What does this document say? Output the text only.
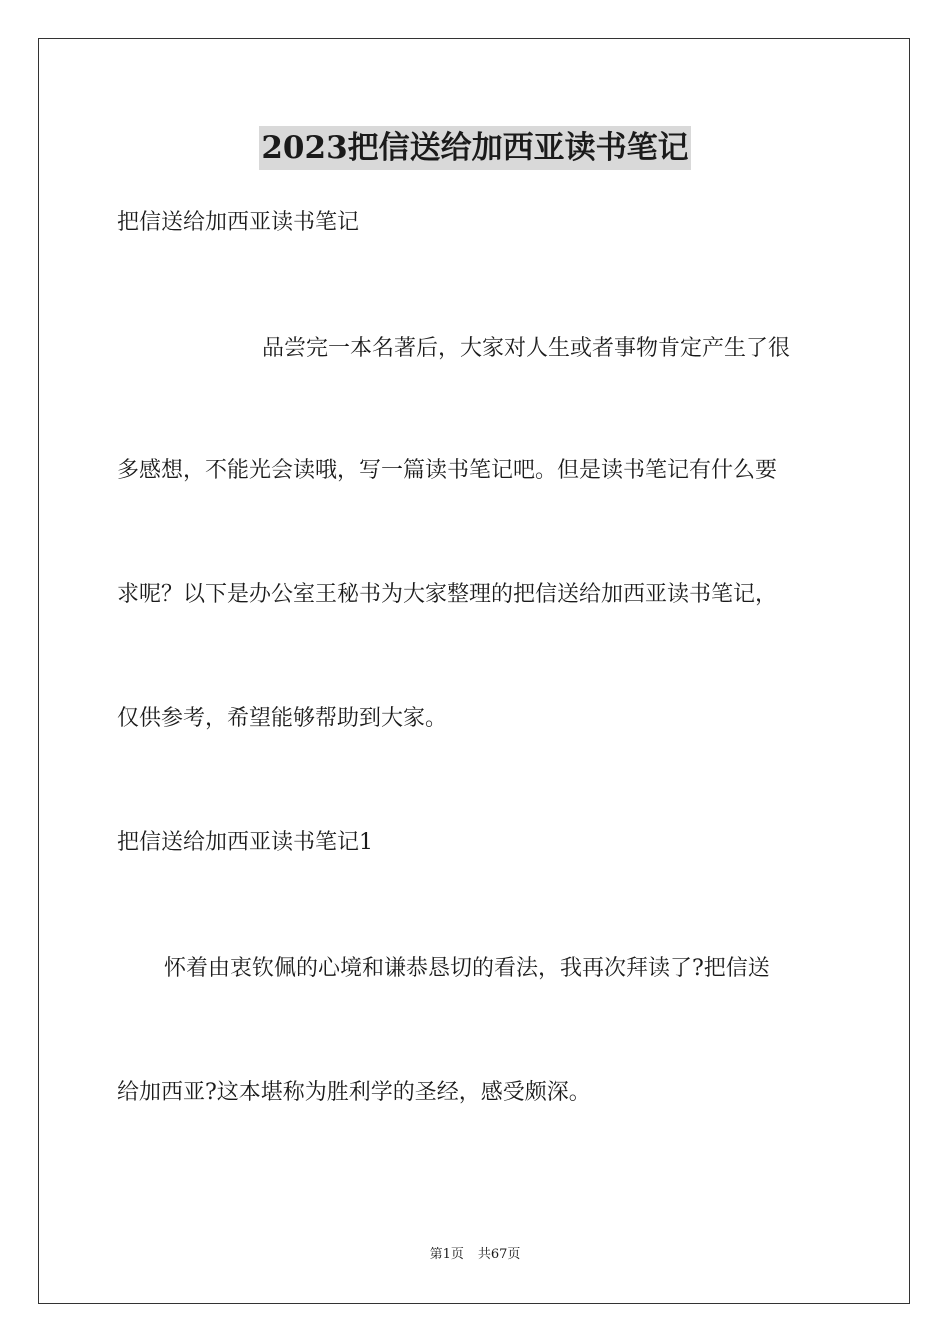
2023把信送给加西亚读书笔记
把信送给加西亚读书笔记
品尝完一本名著后，大家对人生或者事物肯定产生了很
多感想，不能光会读哦，写一篇读书笔记吧。但是读书笔记有什么要
求呢？以下是办公室王秘书为大家整理的把信送给加西亚读书笔记，
仅供参考，希望能够帮助到大家。
把信送给加西亚读书笔记1
怀着由衷钦佩的心境和谦恭恳切的看法，我再次拜读了?把信送
给加西亚?这本堪称为胜利学的圣经，感受颇深。
第1页 共67页
